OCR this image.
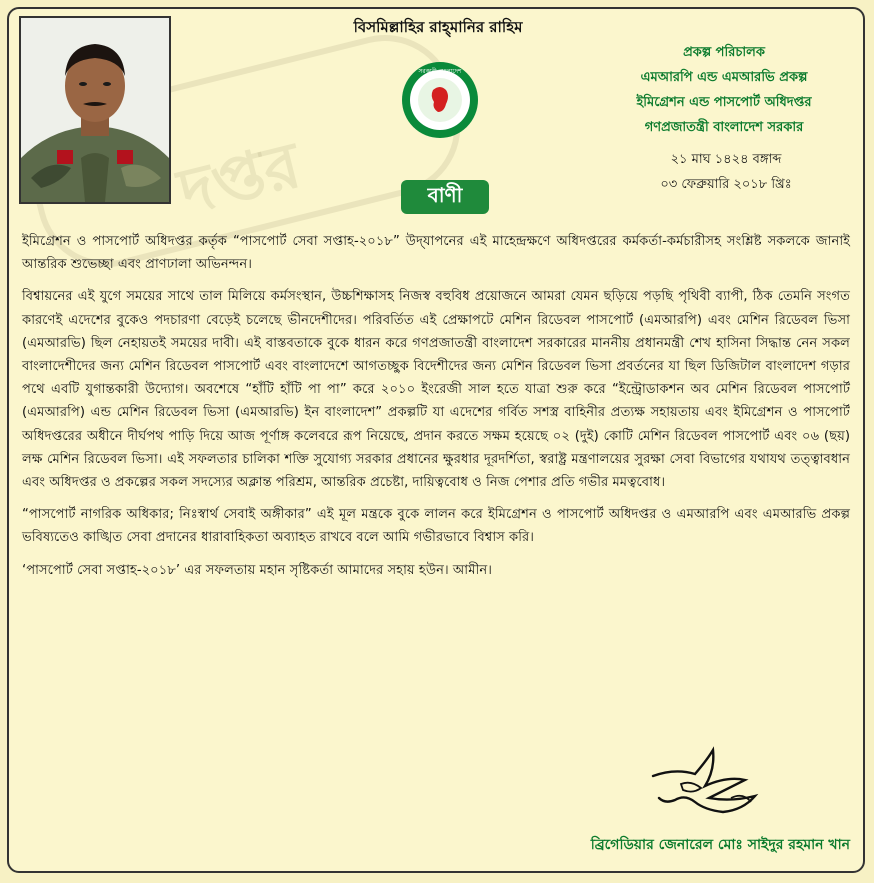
দপ্তর
বিসমিল্লাহির রাহ্‌মানির রাহিম
সরকারী বাংলাদেশ
বাণী
প্রকল্প পরিচালক
এমআরপি এন্ড এমআরভি প্রকল্প
ইমিগ্রেশন এন্ড পাসপোর্ট অধিদপ্তর
গণপ্রজাতন্ত্রী বাংলাদেশ সরকার
২১ মাঘ ১৪২৪ বঙ্গাব্দ
০৩ ফেব্রুয়ারি ২০১৮ খ্রিঃ

ইমিগ্রেশন ও পাসপোর্ট অধিদপ্তর কর্তৃক “পাসপোর্ট সেবা সপ্তাহ-২০১৮” উদ্‌যাপনের এই মাহেন্দ্রক্ষণে অধিদপ্তরের কর্মকর্তা-কর্মচারীসহ সংশ্লিষ্ট সকলকে জানাই আন্তরিক শুভেচ্ছা এবং প্রাণঢালা অভিনন্দন।

বিশ্বায়নের এই যুগে সময়ের সাথে তাল মিলিয়ে কর্মসংস্থান, উচ্চশিক্ষাসহ নিজস্ব বহুবিধ প্রয়োজনে আমরা যেমন ছড়িয়ে পড়ছি পৃথিবী ব্যাপী, ঠিক তেমনি সংগত কারণেই এদেশের বুকেও পদচারণা বেড়েই চলেছে ভীনদেশীদের। পরিবর্তিত এই প্রেক্ষাপটে মেশিন রিডেবল পাসপোর্ট (এমআরপি) এবং মেশিন রিডেবল ভিসা (এমআরভি) ছিল নেহায়তই সময়ের দাবী। এই বাস্তবতাকে বুকে ধারন করে গণপ্রজাতন্ত্রী বাংলাদেশ সরকারের মাননীয় প্রধানমন্ত্রী শেখ হাসিনা সিদ্ধান্ত নেন সকল বাংলাদেশীদের জন্য মেশিন রিডেবল পাসপোর্ট এবং বাংলাদেশে আগতচ্ছুক বিদেশীদের জন্য মেশিন রিডেবল ভিসা প্রবর্তনের যা ছিল ডিজিটাল বাংলাদেশ গড়ার পথে এবটি যুগান্তকারী উদ্যোগ। অবশেষে “হাঁটি হাঁটি পা পা” করে ২০১০ ইংরেজী সাল হতে যাত্রা শুরু করে “ইন্ট্রোডাকশন অব মেশিন রিডেবল পাসপোর্ট (এমআরপি) এন্ড মেশিন রিডেবল ভিসা (এমআরভি) ইন বাংলাদেশ” প্রকল্পটি যা এদেশের গর্বিত সশস্ত্র বাহিনীর প্রত্যক্ষ সহায়তায় এবং ইমিগ্রেশন ও পাসপোর্ট অধিদপ্তরের অধীনে দীর্ঘপথ পাড়ি দিয়ে আজ পূর্ণাঙ্গ কলেবরে রূপ নিয়েছে, প্রদান করতে সক্ষম হয়েছে ০২ (দুই) কোটি মেশিন রিডেবল পাসপোর্ট এবং ০৬ (ছয়) লক্ষ মেশিন রিডেবল ভিসা। এই সফলতার চালিকা শক্তি সুযোগ্য সরকার প্রধানের ক্ষুরধার দূরদর্শিতা, স্বরাষ্ট্র মন্ত্রণালয়ের সুরক্ষা সেবা বিভাগের যথাযথ তত্ত্বাবধান এবং অধিদপ্তর ও প্রকল্পের সকল সদস্যের অক্লান্ত পরিশ্রম, আন্তরিক প্রচেষ্টা, দায়িত্ববোধ ও নিজ পেশার প্রতি গভীর মমত্ববোধ।

“পাসপোর্ট নাগরিক অধিকার; নিঃস্বার্থ সেবাই অঙ্গীকার” এই মূল মন্ত্রকে বুকে লালন করে ইমিগ্রেশন ও পাসপোর্ট অধিদপ্তর ও এমআরপি এবং এমআরভি প্রকল্প ভবিষ্যতেও কাঙ্খিত সেবা প্রদানের ধারাবাহিকতা অব্যাহত রাখবে বলে আমি গভীরভাবে বিশ্বাস করি।

‘পাসপোর্ট সেবা সপ্তাহ-২০১৮’ এর সফলতায় মহান সৃষ্টিকর্তা আমাদের সহায় হউন। আমীন।

ব্রিগেডিয়ার জেনারেল মোঃ সাইদুর রহমান খান
